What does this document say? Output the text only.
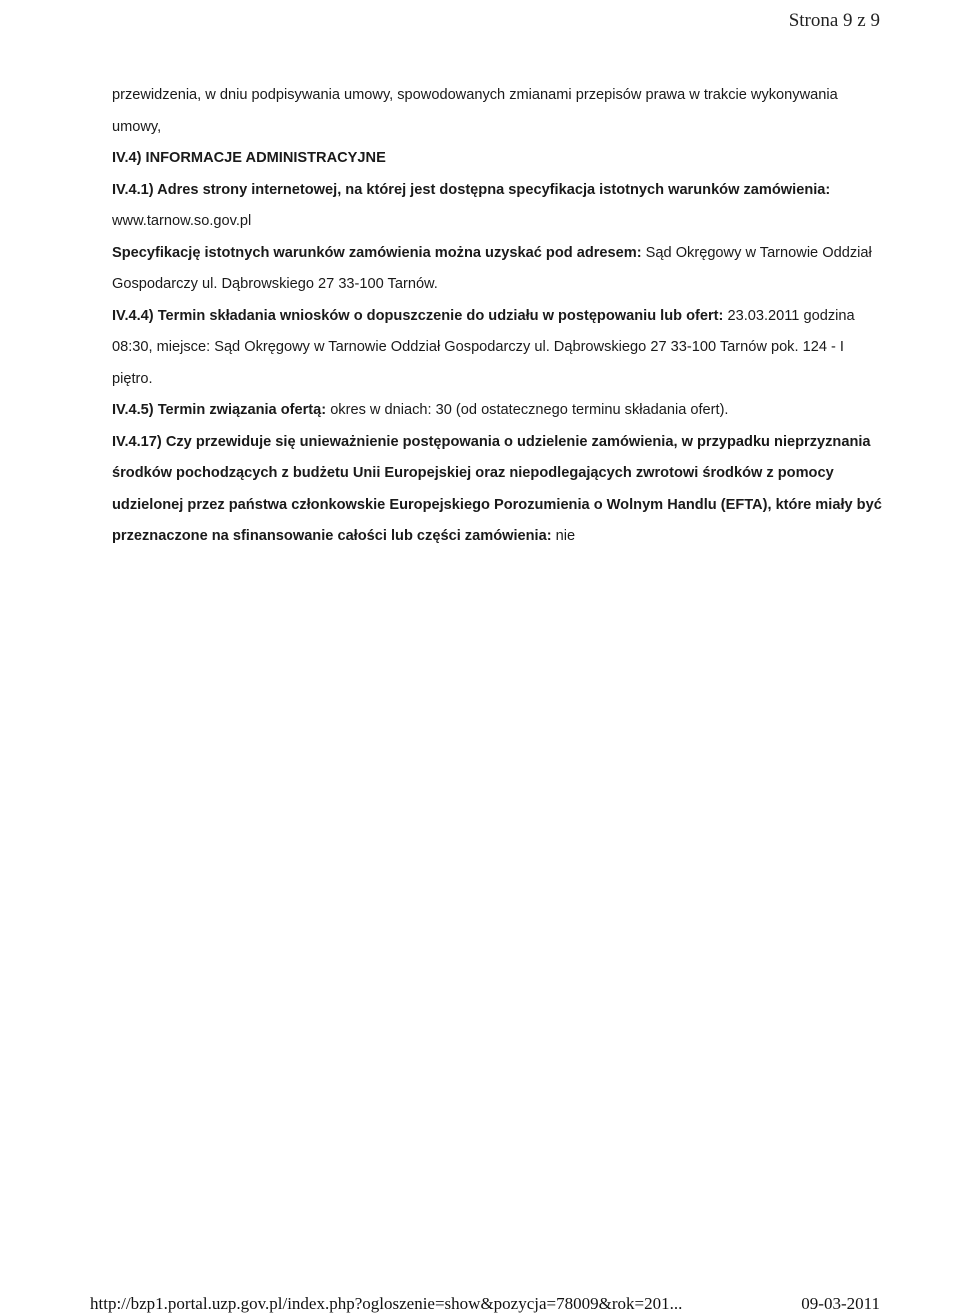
Strona 9 z 9

przewidzenia, w dniu podpisywania umowy, spowodowanych zmianami przepisów prawa w trakcie wykonywania umowy,

IV.4) INFORMACJE ADMINISTRACYJNE

IV.4.1) Adres strony internetowej, na której jest dostępna specyfikacja istotnych warunków zamówienia: www.tarnow.so.gov.pl

Specyfikację istotnych warunków zamówienia można uzyskać pod adresem: Sąd Okręgowy w Tarnowie Oddział Gospodarczy ul. Dąbrowskiego 27 33-100 Tarnów.

IV.4.4) Termin składania wniosków o dopuszczenie do udziału w postępowaniu lub ofert: 23.03.2011 godzina 08:30, miejsce: Sąd Okręgowy w Tarnowie Oddział Gospodarczy ul. Dąbrowskiego 27 33-100 Tarnów pok. 124 - I piętro.

IV.4.5) Termin związania ofertą: okres w dniach: 30 (od ostatecznego terminu składania ofert).

IV.4.17) Czy przewiduje się unieważnienie postępowania o udzielenie zamówienia, w przypadku nieprzyznania środków pochodzących z budżetu Unii Europejskiej oraz niepodlegających zwrotowi środków z pomocy udzielonej przez państwa członkowskie Europejskiego Porozumienia o Wolnym Handlu (EFTA), które miały być przeznaczone na sfinansowanie całości lub części zamówienia: nie

http://bzp1.portal.uzp.gov.pl/index.php?ogloszenie=show&pozycja=78009&rok=201...	09-03-2011
